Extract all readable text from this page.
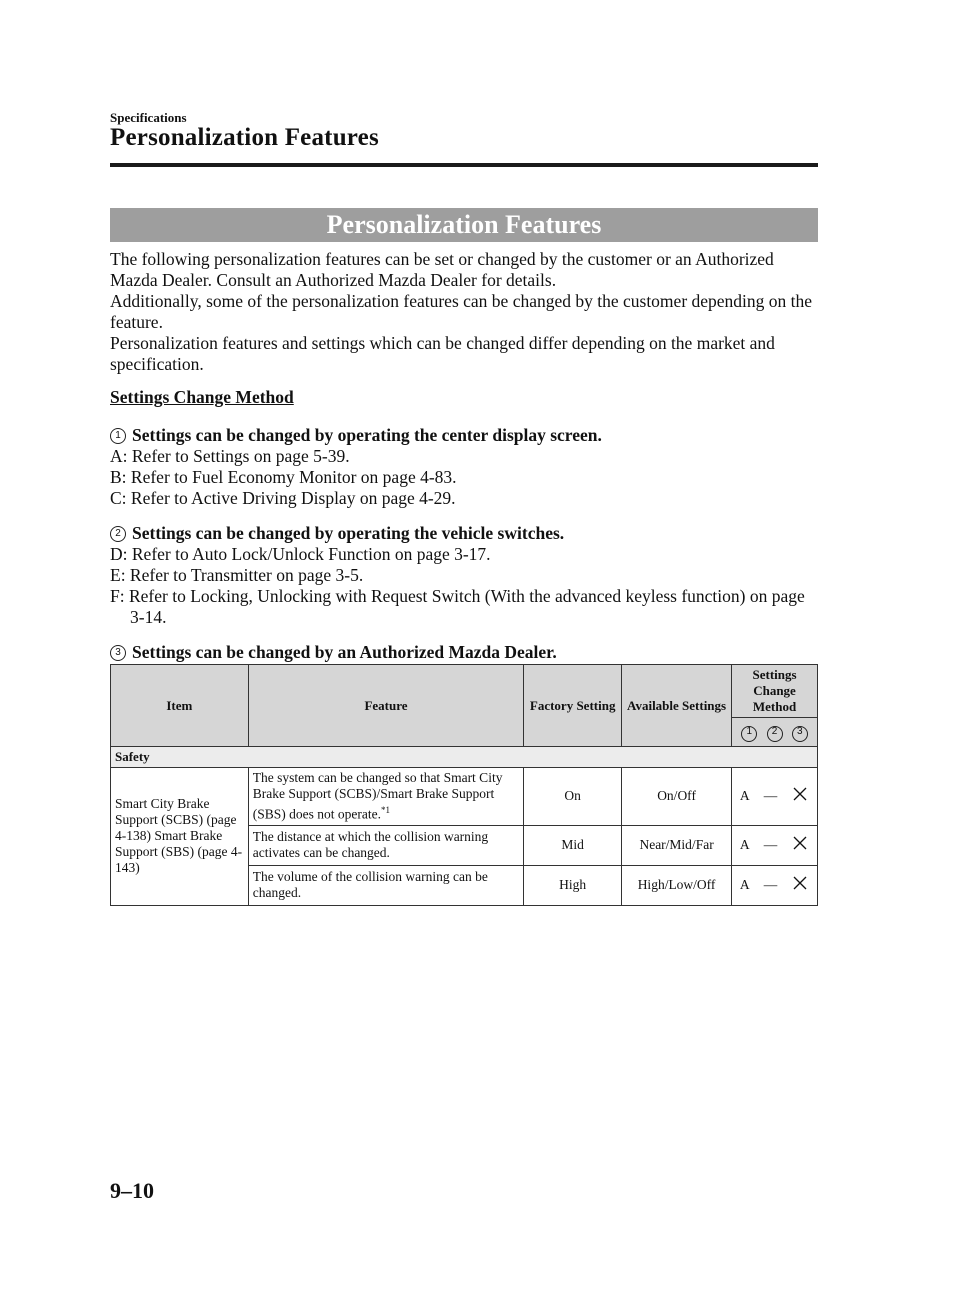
Specifications
Personalization Features
Personalization Features

The following personalization features can be set or changed by the customer or an Authorized Mazda Dealer. Consult an Authorized Mazda Dealer for details.

Additionally, some of the personalization features can be changed by the customer depending on the feature.

Personalization features and settings which can be changed differ depending on the market and specification.

Settings Change Method
1 Settings can be changed by operating the center display screen.

A: Refer to Settings on page 5-39.

B: Refer to Fuel Economy Monitor on page 4-83.

C: Refer to Active Driving Display on page 4-29.

2 Settings can be changed by operating the vehicle switches.

D: Refer to Auto Lock/Unlock Function on page 3-17.

E: Refer to Transmitter on page 3-5.

F: Refer to Locking, Unlocking with Request Switch (With the advanced keyless function) on page 3-14.

3 Settings can be changed by an Authorized Mazda Dealer.
Item	Feature	Factory Setting	Available Settings	Settings Change Method		
				1 2 3		
Safety						
Smart City Brake Support (SCBS) (page 4-138) Smart Brake Support (SBS) (page 4-143)	The system can be changed so that Smart City Brake Support (SCBS)/Smart Brake Support (SBS) does not operate.$^{*1}$	On	On/Off	A	—	
	The distance at which the collision warning activates can be changed.	Mid	Near/Mid/Far	A	—	
	The volume of the collision warning can be changed.	High	High/Low/Off	A	—	
9–10
